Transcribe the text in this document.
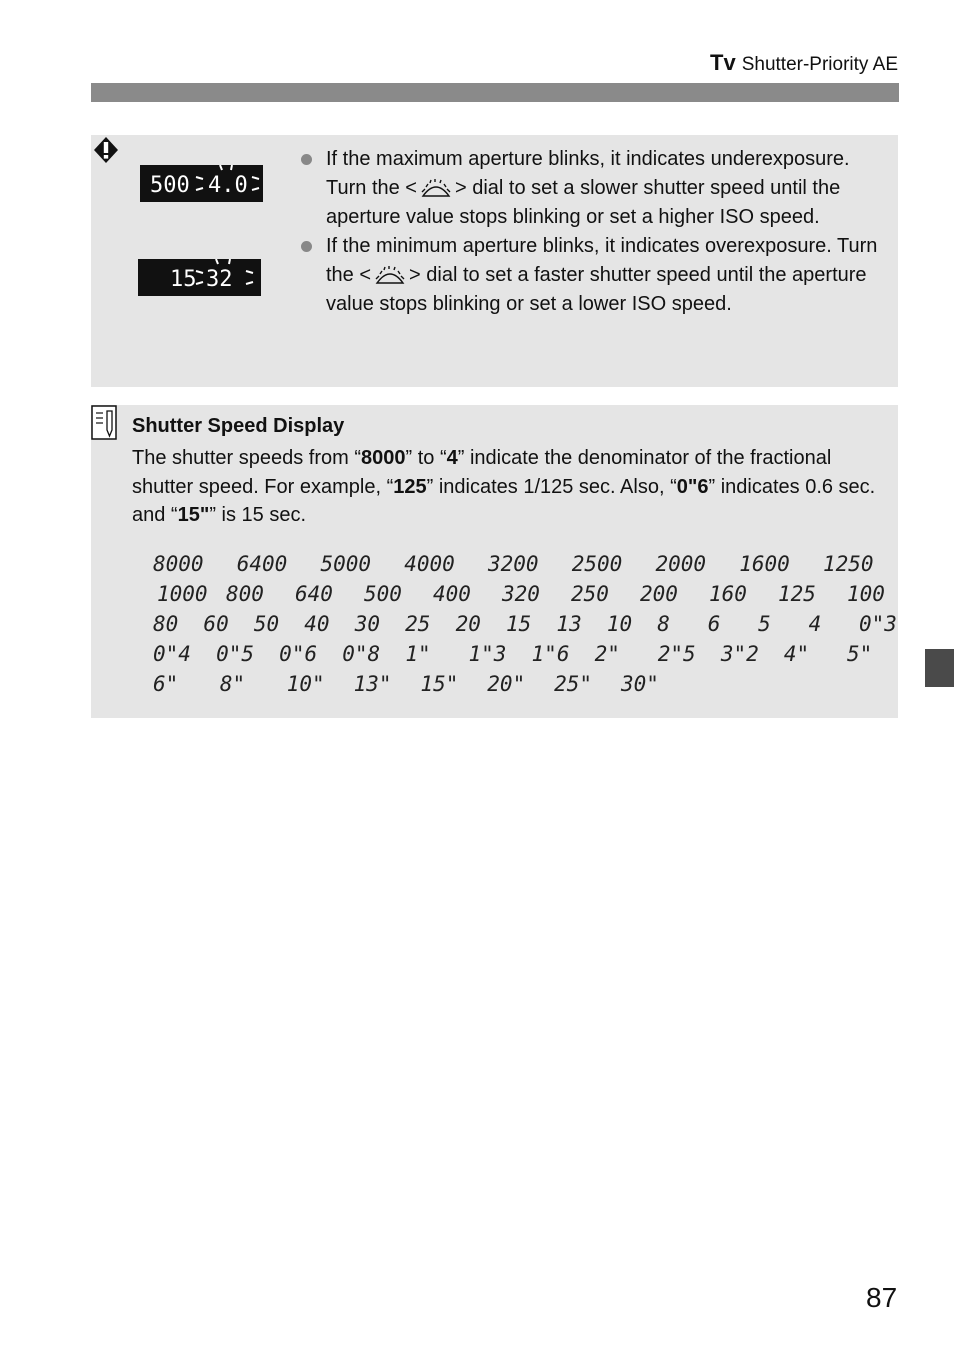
Tv Shutter-Priority AE
500 4.0
15 32
If the maximum aperture blinks, it indicates underexposure. Turn the < > dial to set a slower shutter speed until the aperture value stops blinking or set a higher ISO speed.
If the minimum aperture blinks, it indicates overexposure. Turn the < > dial to set a faster shutter speed until the aperture value stops blinking or set a lower ISO speed.
Shutter Speed Display
The shutter speeds from “8000” to “4” indicate the denominator of the fractional shutter speed. For example, “125” indicates 1/125 sec. Also, “0"6” indicates 0.6 sec. and “15"” is 15 sec.
8000 6400 5000 4000 3200 2500 2000 1600 1250
1000 800 640 500 400 320 250 200 160 125 100
80 60 50 40 30 25 20 15 13 10 8 6 5 4 0"3
0"4 0"5 0"6 0"8 1" 1"3 1"6 2" 2"5 3"2 4" 5"
6" 8" 10" 13" 15" 20" 25" 30"
87
